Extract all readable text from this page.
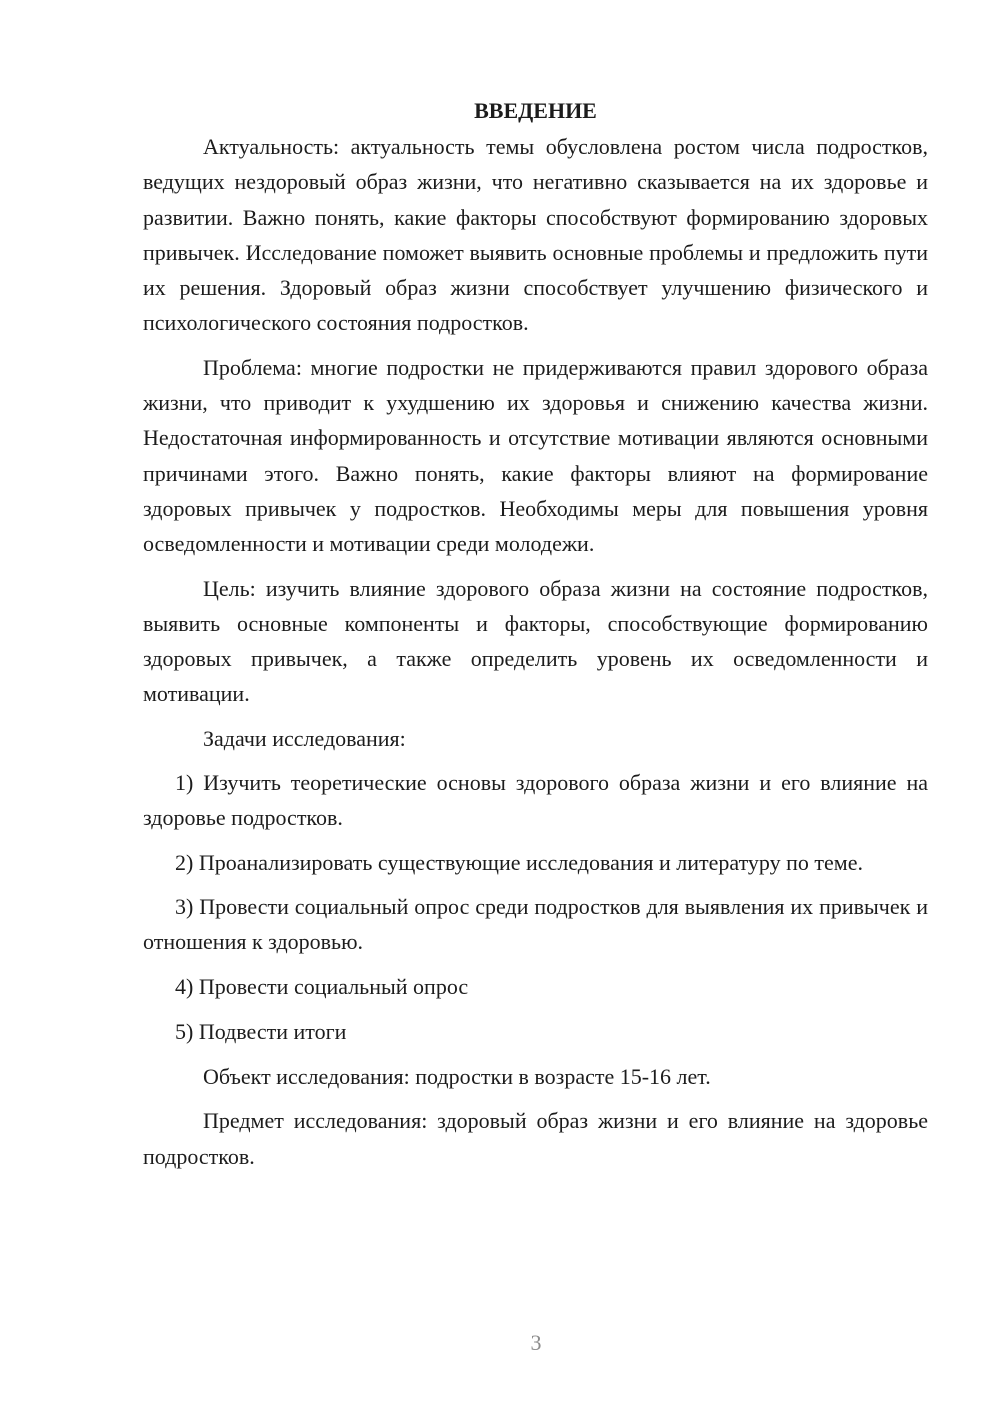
ВВЕДЕНИЕ

Актуальность: актуальность темы обусловлена ростом числа подростков, ведущих нездоровый образ жизни, что негативно сказывается на их здоровье и развитии. Важно понять, какие факторы способствуют формированию здоровых привычек. Исследование поможет выявить основные проблемы и предложить пути их решения. Здоровый образ жизни способствует улучшению физического и психологического состояния подростков.

Проблема: многие подростки не придерживаются правил здорового образа жизни, что приводит к ухудшению их здоровья и снижению качества жизни. Недостаточная информированность и отсутствие мотивации являются основными причинами этого. Важно понять, какие факторы влияют на формирование здоровых привычек у подростков. Необходимы меры для повышения уровня осведомленности и мотивации среди молодежи.

Цель: изучить влияние здорового образа жизни на состояние подростков, выявить основные компоненты и факторы, способствующие формированию здоровых привычек, а также определить уровень их осведомленности и мотивации.

Задачи исследования:

1) Изучить теоретические основы здорового образа жизни и его влияние на здоровье подростков.

2) Проанализировать существующие исследования и литературу по теме.

3) Провести социальный опрос среди подростков для выявления их привычек и отношения к здоровью.

4) Провести социальный опрос

5) Подвести итоги

Объект исследования: подростки в возрасте 15-16 лет.

Предмет исследования: здоровый образ жизни и его влияние на здоровье подростков.

3
